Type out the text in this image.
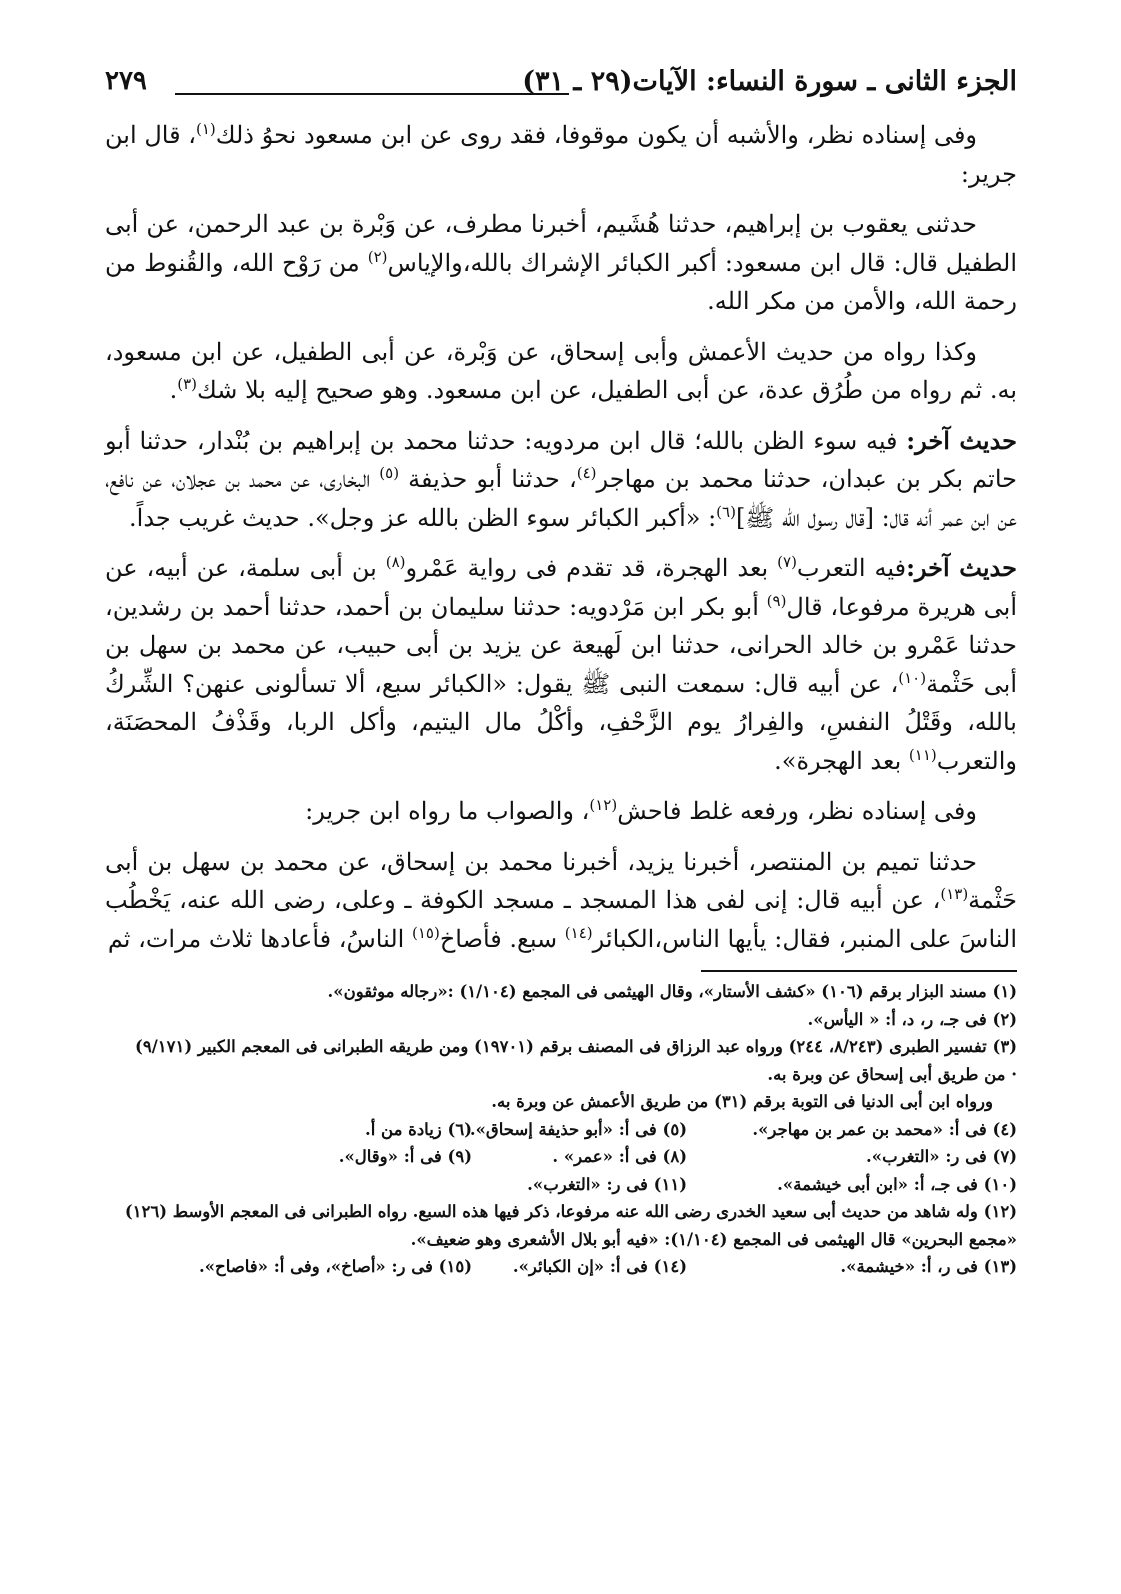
الجزء الثانى ـ سورة النساء: الآيات(٢٩ ـ ٣١)
٢٧٩

وفى إسناده نظر، والأشبه أن يكون موقوفا، فقد روى عن ابن مسعود نحوُ ذلك$^{(١)}$، قال ابن جرير:

حدثنى يعقوب بن إبراهيم، حدثنا هُشَيم، أخبرنا مطرف، عن وَبْرة بن عبد الرحمن، عن أبى الطفيل قال: قال ابن مسعود: أكبر الكبائر الإشراك بالله،والإياس$^{(٢)}$ من رَوْح الله، والقُنوط من رحمة الله، والأمن من مكر الله.

وكذا رواه من حديث الأعمش وأبى إسحاق، عن وَبْرة، عن أبى الطفيل، عن ابن مسعود، به. ثم رواه من طُرُق عدة، عن أبى الطفيل، عن ابن مسعود. وهو صحيح إليه بلا شك$^{(٣)}$.

حديث آخر: فيه سوء الظن بالله؛ قال ابن مردويه: حدثنا محمد بن إبراهيم بن بُنْدار، حدثنا أبو حاتم بكر بن عبدان، حدثنا محمد بن مهاجر$^{(٤)}$، حدثنا أبو حذيفة $^{(٥)}$ البخارى، عن محمد بن عجلان، عن نافع، عن ابن عمر أنه قال: [قال رسول الله ﷺ]$^{(٦)}$: «أكبر الكبائر سوء الظن بالله عز وجل». حديث غريب جداً.

حديث آخر:فيه التعرب$^{(٧)}$ بعد الهجرة، قد تقدم فى رواية عَمْرو$^{(٨)}$ بن أبى سلمة، عن أبيه، عن أبى هريرة مرفوعا، قال$^{(٩)}$ أبو بكر ابن مَرْدويه: حدثنا سليمان بن أحمد، حدثنا أحمد بن رشدين، حدثنا عَمْرو بن خالد الحرانى، حدثنا ابن لَهيعة عن يزيد بن أبى حبيب، عن محمد بن سهل بن أبى حَثْمة$^{(١٠)}$، عن أبيه قال: سمعت النبى ﷺ يقول: «الكبائر سبع، ألا تسألونى عنهن؟ الشِّركُ بالله، وقَتْلُ النفسِ، والفِرارُ يوم الزَّحْفِ، وأكْلُ مال اليتيم، وأكل الربا، وقَذْفُ المحصَنَة، والتعرب$^{(١١)}$ بعد الهجرة».

وفى إسناده نظر، ورفعه غلط فاحش$^{(١٢)}$، والصواب ما رواه ابن جرير:

حدثنا تميم بن المنتصر، أخبرنا يزيد، أخبرنا محمد بن إسحاق، عن محمد بن سهل بن أبى حَثْمة$^{(١٣)}$، عن أبيه قال: إنى لفى هذا المسجد ـ مسجد الكوفة ـ وعلى، رضى الله عنه، يَخْطُب الناسَ على المنبر، فقال: يأيها الناس،الكبائر$^{(١٤)}$ سبع. فأصاخ$^{(١٥)}$ الناسُ، فأعادها ثلاث مرات، ثم

(١) مسند البزار برقم (١٠٦) «كشف الأستار»، وقال الهيثمى فى المجمع (١/١٠٤) :«رجاله موثقون».

(٢) فى جـ، ر، د، أ: « اليأس».

(٣) تفسير الطبرى (٨/٢٤٣، ٢٤٤) ورواه عبد الرزاق فى المصنف برقم (١٩٧٠١) ومن طريقه الطبرانى فى المعجم الكبير (٩/١٧١)

· من طريق أبى إسحاق عن وبرة به.

ورواه ابن أبى الدنيا فى التوبة برقم (٣١) من طريق الأعمش عن وبرة به.

(٤) فى أ: «محمد بن عمر بن مهاجر».
(٥) فى أ: «أبو حذيفة إسحاق».
(٦) زيادة من أ.
(٧) فى ر: «التغرب».
(٨) فى أ: «عمر» .
(٩) فى أ: «وقال».
(١٠) فى جـ، أ: «ابن أبى خيشمة».
(١١) فى ر: «التغرب».

(١٢) وله شاهد من حديث أبى سعيد الخدرى رضى الله عنه مرفوعا، ذكر فيها هذه السبع. رواه الطبرانى فى المعجم الأوسط (١٢٦)

«مجمع البحرين» قال الهيثمى فى المجمع (١/١٠٤): «فيه أبو بلال الأشعرى وهو ضعيف».

(١٣) فى ر، أ: «خيشمة».
(١٤) فى أ: «إن الكبائر».
(١٥) فى ر: «أصاخ»، وفى أ: «فاصاح».
